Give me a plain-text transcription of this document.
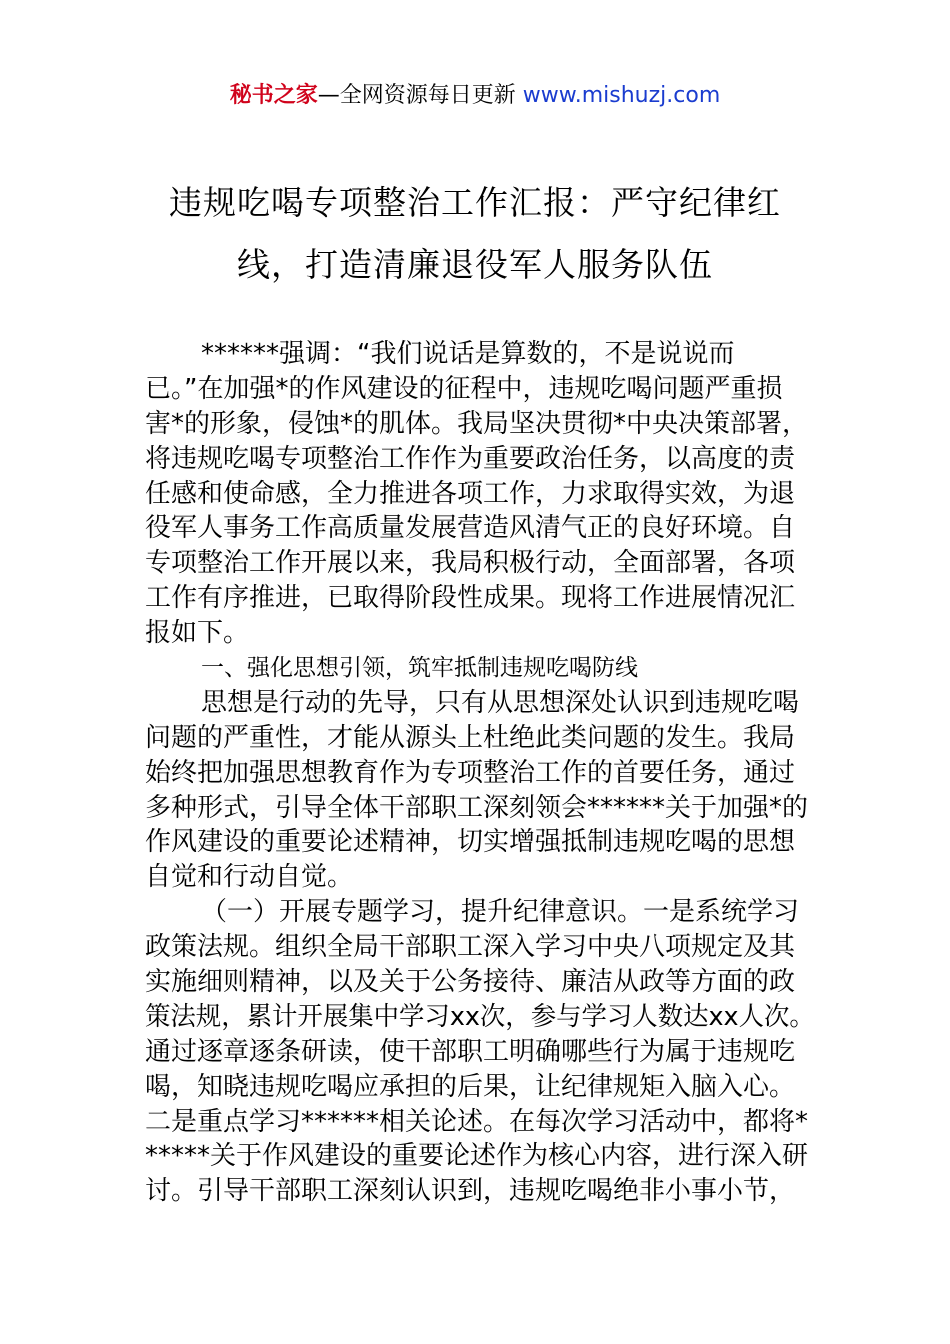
秘书之家—全网资源每日更新 www.mishuzj.com
违规吃喝专项整治工作汇报：严守纪律红
线，打造清廉退役军人服务队伍
******强调：“我们说话是算数的，不是说说而
已。”在加强*的作风建设的征程中，违规吃喝问题严重损
害*的形象，侵蚀*的肌体。我局坚决贯彻*中央决策部署，
将违规吃喝专项整治工作作为重要政治任务，以高度的责
任感和使命感，全力推进各项工作，力求取得实效，为退
役军人事务工作高质量发展营造风清气正的良好环境。自
专项整治工作开展以来，我局积极行动，全面部署，各项
工作有序推进，已取得阶段性成果。现将工作进展情况汇
报如下。
一、强化思想引领，筑牢抵制违规吃喝防线
思想是行动的先导，只有从思想深处认识到违规吃喝
问题的严重性，才能从源头上杜绝此类问题的发生。我局
始终把加强思想教育作为专项整治工作的首要任务，通过
多种形式，引导全体干部职工深刻领会******关于加强*的
作风建设的重要论述精神，切实增强抵制违规吃喝的思想
自觉和行动自觉。
（一）开展专题学习，提升纪律意识。一是系统学习
政策法规。组织全局干部职工深入学习中央八项规定及其
实施细则精神，以及关于公务接待、廉洁从政等方面的政
策法规，累计开展集中学习xx次，参与学习人数达xx人次。
通过逐章逐条研读，使干部职工明确哪些行为属于违规吃
喝，知晓违规吃喝应承担的后果，让纪律规矩入脑入心。
二是重点学习******相关论述。在每次学习活动中，都将*
*****关于作风建设的重要论述作为核心内容，进行深入研
讨。引导干部职工深刻认识到，违规吃喝绝非小事小节，
